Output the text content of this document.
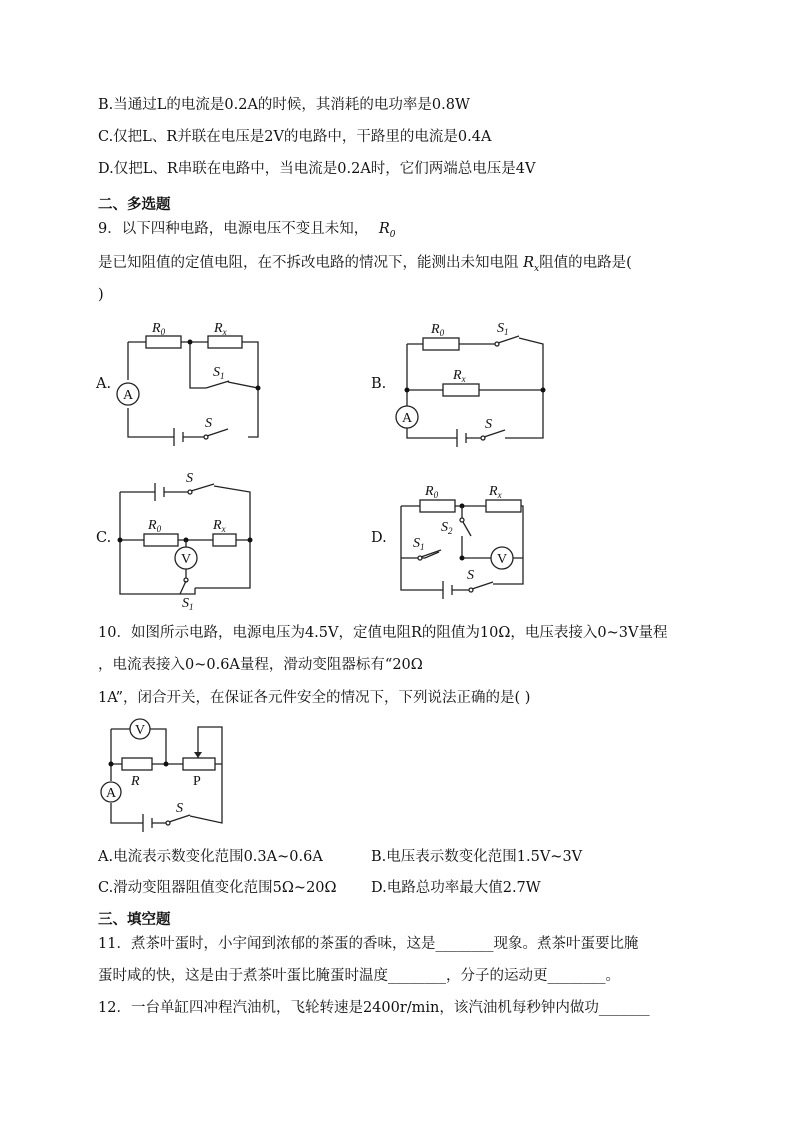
B.当通过L的电流是0.2A的时候，其消耗的电功率是0.8W
C.仅把L、R并联在电压是2V的电路中，干路里的电流是0.4A
D.仅把L、R串联在电路中，当电流是0.2A时，它们两端总电压是4V
二、多选题
9．以下四种电路，电源电压不变且未知， $R_0$
是已知阻值的定值电阻，在不拆改电路的情况下，能测出未知电阻 $R_x$阻值的电路是(
)
A.	B.
C.	D.
$R_0$	$R_x$
A
$S_1$
S
$R_0$	$S_1$
$R_x$
A	S
S
$R_0$	$R_x$
V
$S_1$
$R_0$	$R_x$
$S_2$
$S_1$
V
S
10．如图所示电路，电源电压为4.5V，定值电阻R的阻值为10Ω，电压表接入0~3V量程
，电流表接入0~0.6A量程，滑动变阻器标有“20Ω
1A”，闭合开关，在保证各元件安全的情况下，下列说法正确的是( )
V
R	P
A
S
A.电流表示数变化范围0.3A~0.6A	B.电压表示数变化范围1.5V~3V
C.滑动变阻器阻值变化范围5Ω~20Ω D.电路总功率最大值2.7W
三、填空题
11．煮茶叶蛋时，小宇闻到浓郁的茶蛋的香味，这是________现象。煮茶叶蛋要比腌
蛋时咸的快，这是由于煮茶叶蛋比腌蛋时温度________，分子的运动更________。
12．一台单缸四冲程汽油机，飞轮转速是2400r/min，该汽油机每秒钟内做功_______
